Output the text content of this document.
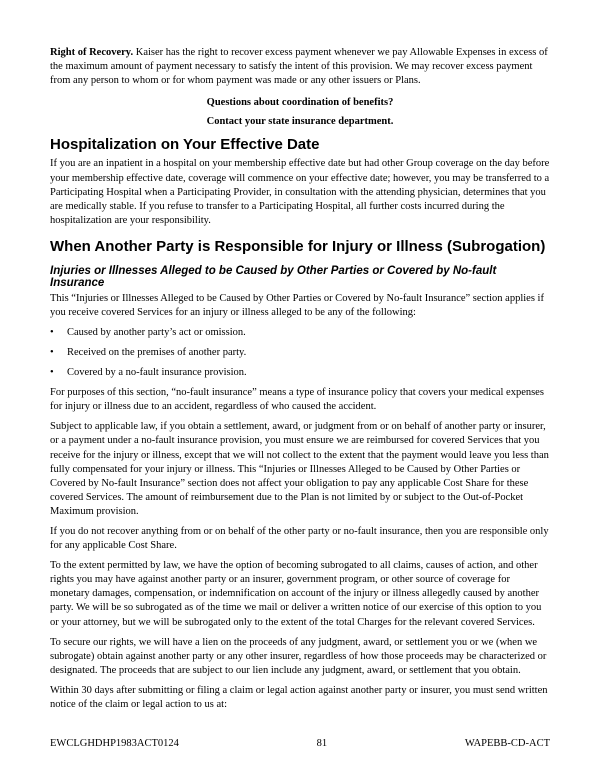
Right of Recovery. Kaiser has the right to recover excess payment whenever we pay Allowable Expenses in excess of the maximum amount of payment necessary to satisfy the intent of this provision. We may recover excess payment from any person to whom or for whom payment was made or any other issuers or Plans.

Questions about coordination of benefits?

Contact your state insurance department.

Hospitalization on Your Effective Date

If you are an inpatient in a hospital on your membership effective date but had other Group coverage on the day before your membership effective date, coverage will commence on your effective date; however, you may be transferred to a Participating Hospital when a Participating Provider, in consultation with the attending physician, determines that you are medically stable. If you refuse to transfer to a Participating Hospital, all further costs incurred during the hospitalization are your responsibility.

When Another Party is Responsible for Injury or Illness (Subrogation)
Injuries or Illnesses Alleged to be Caused by Other Parties or Covered by No-fault Insurance

This “Injuries or Illnesses Alleged to be Caused by Other Parties or Covered by No-fault Insurance” section applies if you receive covered Services for an injury or illness alleged to be any of the following:

• Caused by another party’s act or omission.
• Received on the premises of another party.
• Covered by a no-fault insurance provision.

For purposes of this section, “no-fault insurance” means a type of insurance policy that covers your medical expenses for injury or illness due to an accident, regardless of who caused the accident.

Subject to applicable law, if you obtain a settlement, award, or judgment from or on behalf of another party or insurer, or a payment under a no-fault insurance provision, you must ensure we are reimbursed for covered Services that you receive for the injury or illness, except that we will not collect to the extent that the payment would leave you less than fully compensated for your injury or illness. This “Injuries or Illnesses Alleged to be Caused by Other Parties or Covered by No-fault Insurance” section does not affect your obligation to pay any applicable Cost Share for these covered Services. The amount of reimbursement due to the Plan is not limited by or subject to the Out-of-Pocket Maximum provision.

If you do not recover anything from or on behalf of the other party or no-fault insurance, then you are responsible only for any applicable Cost Share.

To the extent permitted by law, we have the option of becoming subrogated to all claims, causes of action, and other rights you may have against another party or an insurer, government program, or other source of coverage for monetary damages, compensation, or indemnification on account of the injury or illness allegedly caused by another party. We will be so subrogated as of the time we mail or deliver a written notice of our exercise of this option to you or your attorney, but we will be subrogated only to the extent of the total Charges for the relevant covered Services.

To secure our rights, we will have a lien on the proceeds of any judgment, award, or settlement you or we (when we subrogate) obtain against another party or any other insurer, regardless of how those proceeds may be characterized or designated. The proceeds that are subject to our lien include any judgment, award, or settlement that you obtain.

Within 30 days after submitting or filing a claim or legal action against another party or insurer, you must send written notice of the claim or legal action to us at:

EWCLGHDHP1983ACT0124	81	WAPEBB-CD-ACT
